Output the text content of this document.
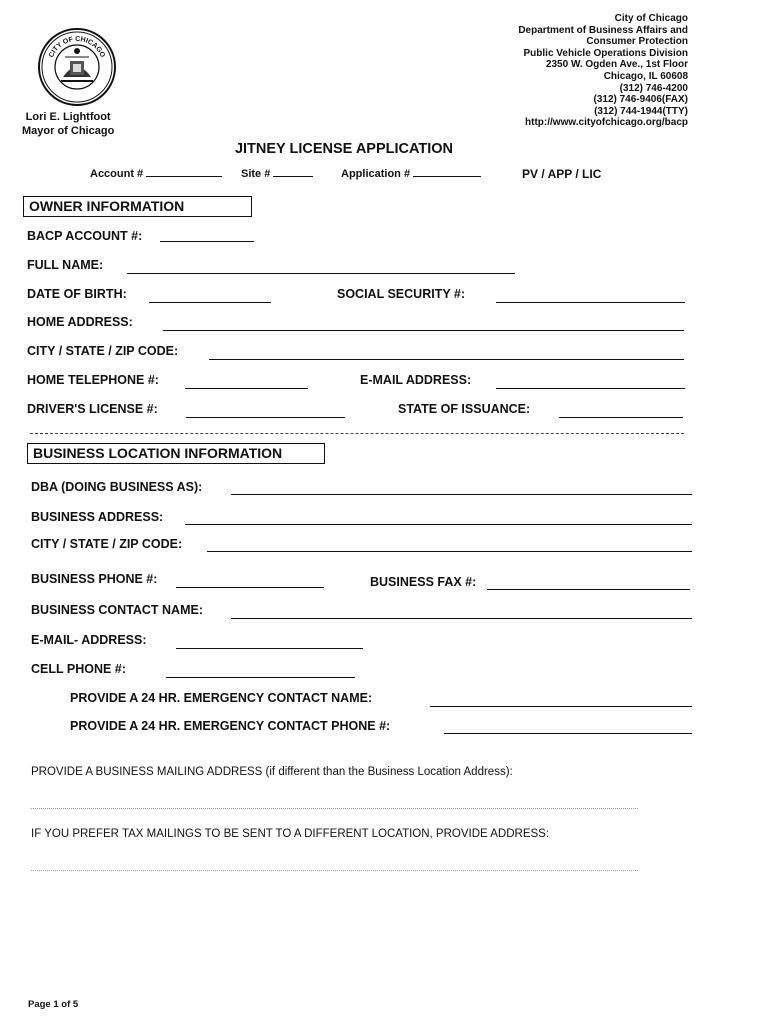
CITY OF CHICAGO
City of Chicago
Department of Business Affairs and
Consumer Protection
Public Vehicle Operations Division
2350 W. Ogden Ave., 1st Floor
Chicago, IL 60608
(312) 746-4200
(312) 746-9406(FAX)
(312) 744-1944(TTY)
http://www.cityofchicago.org/bacp
Lori E. Lightfoot
Mayor of Chicago
JITNEY LICENSE APPLICATION
Account #	Site #	Application #	PV / APP / LIC
OWNER INFORMATION
BACP ACCOUNT #:
FULL NAME:
DATE OF BIRTH:	SOCIAL SECURITY #:
HOME ADDRESS:
CITY / STATE / ZIP CODE:
HOME TELEPHONE #:	E-MAIL ADDRESS:
DRIVER'S LICENSE #:	STATE OF ISSUANCE:
BUSINESS LOCATION INFORMATION
DBA (DOING BUSINESS AS):
BUSINESS ADDRESS:
CITY / STATE / ZIP CODE:
BUSINESS PHONE #:	BUSINESS FAX #:
BUSINESS CONTACT NAME:
E-MAIL- ADDRESS:
CELL PHONE #:
PROVIDE A 24 HR. EMERGENCY CONTACT NAME:
PROVIDE A 24 HR. EMERGENCY CONTACT PHONE #:
PROVIDE A BUSINESS MAILING ADDRESS (if different than the Business Location Address):
IF YOU PREFER TAX MAILINGS TO BE SENT TO A DIFFERENT LOCATION, PROVIDE ADDRESS:
Page 1 of 5
